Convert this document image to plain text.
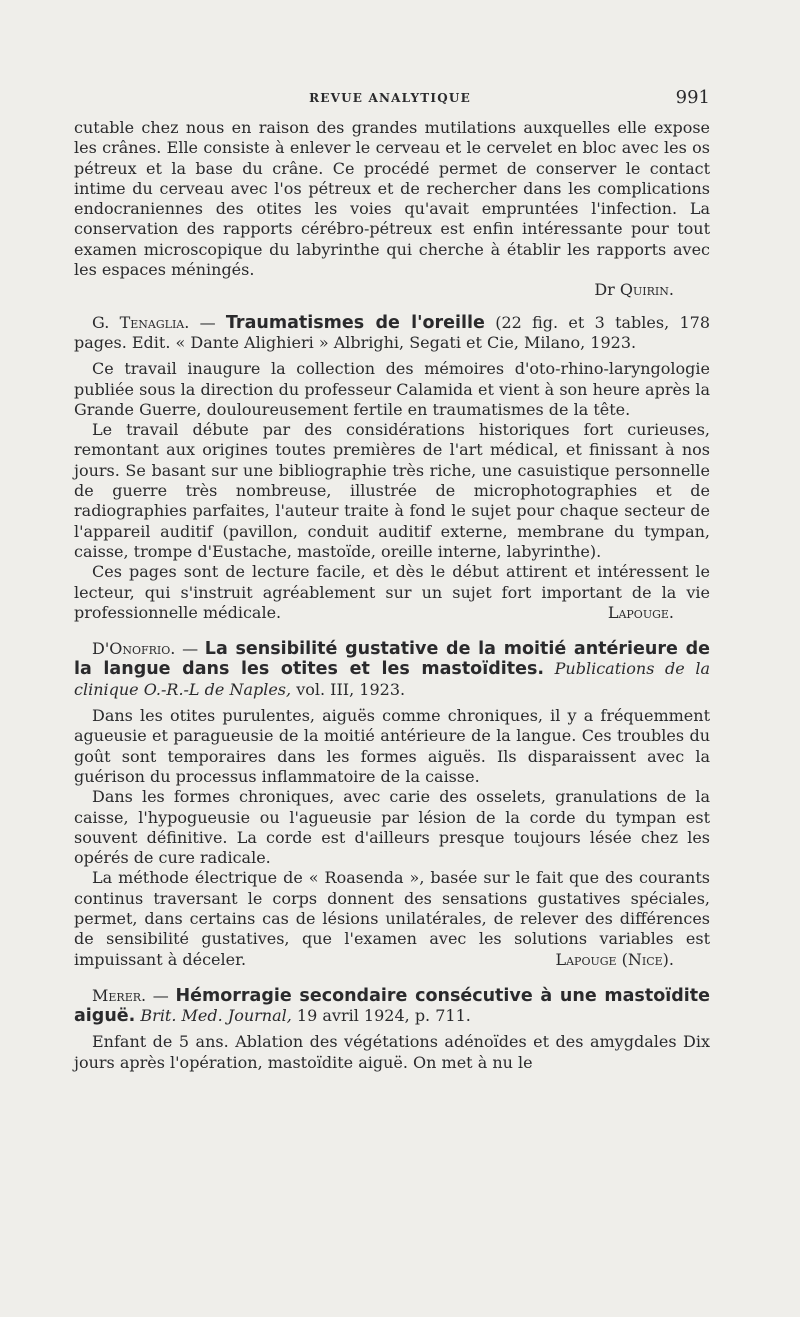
REVUE ANALYTIQUE	991

cutable chez nous en raison des grandes mutilations auxquelles elle expose les crânes. Elle consiste à enlever le cerveau et le cervelet en bloc avec les os pétreux et la base du crâne. Ce procédé permet de conserver le contact intime du cerveau avec l'os pétreux et de rechercher dans les complications endocraniennes des otites les voies qu'avait empruntées l'infection. La conservation des rapports cérébro-pétreux est enfin intéressante pour tout examen microscopique du labyrinthe qui cherche à établir les rapports avec les espaces méningés.

Dr Quirin.

G. Tenaglia. — Traumatismes de l'oreille (22 fig. et 3 tables, 178 pages. Edit. « Dante Alighieri » Albrighi, Segati et Cie, Milano, 1923.

Ce travail inaugure la collection des mémoires d'oto-rhino-laryngologie publiée sous la direction du professeur Calamida et vient à son heure après la Grande Guerre, douloureusement fertile en traumatismes de la tête.

Le travail débute par des considérations historiques fort curieuses, remontant aux origines toutes premières de l'art médical, et finissant à nos jours. Se basant sur une bibliographie très riche, une casuistique personnelle de guerre très nombreuse, illustrée de microphotographies et de radiographies parfaites, l'auteur traite à fond le sujet pour chaque secteur de l'appareil auditif (pavillon, conduit auditif externe, membrane du tympan, caisse, trompe d'Eustache, mastoïde, oreille interne, labyrinthe).

Ces pages sont de lecture facile, et dès le début attirent et intéressent le lecteur, qui s'instruit agréablement sur un sujet fort important de la vie professionnelle médicale.	Lapouge.

D'Onofrio. — La sensibilité gustative de la moitié antérieure de la langue dans les otites et les mastoïdites. Publications de la clinique O.-R.-L de Naples, vol. III, 1923.

Dans les otites purulentes, aiguës comme chroniques, il y a fréquemment agueusie et paragueusie de la moitié antérieure de la langue. Ces troubles du goût sont temporaires dans les formes aiguës. Ils disparaissent avec la guérison du processus inflammatoire de la caisse.

Dans les formes chroniques, avec carie des osselets, granulations de la caisse, l'hypogueusie ou l'agueusie par lésion de la corde du tympan est souvent définitive. La corde est d'ailleurs presque toujours lésée chez les opérés de cure radicale.

La méthode électrique de « Roasenda », basée sur le fait que des courants continus traversant le corps donnent des sensations gustatives spéciales, permet, dans certains cas de lésions unilatérales, de relever des différences de sensibilité gustatives, que l'examen avec les solutions variables est impuissant à déceler.	Lapouge (Nice).

Merer. — Hémorragie secondaire consécutive à une mastoïdite aiguë. Brit. Med. Journal, 19 avril 1924, p. 711.

Enfant de 5 ans. Ablation des végétations adénoïdes et des amygdales Dix jours après l'opération, mastoïdite aiguë. On met à nu le
